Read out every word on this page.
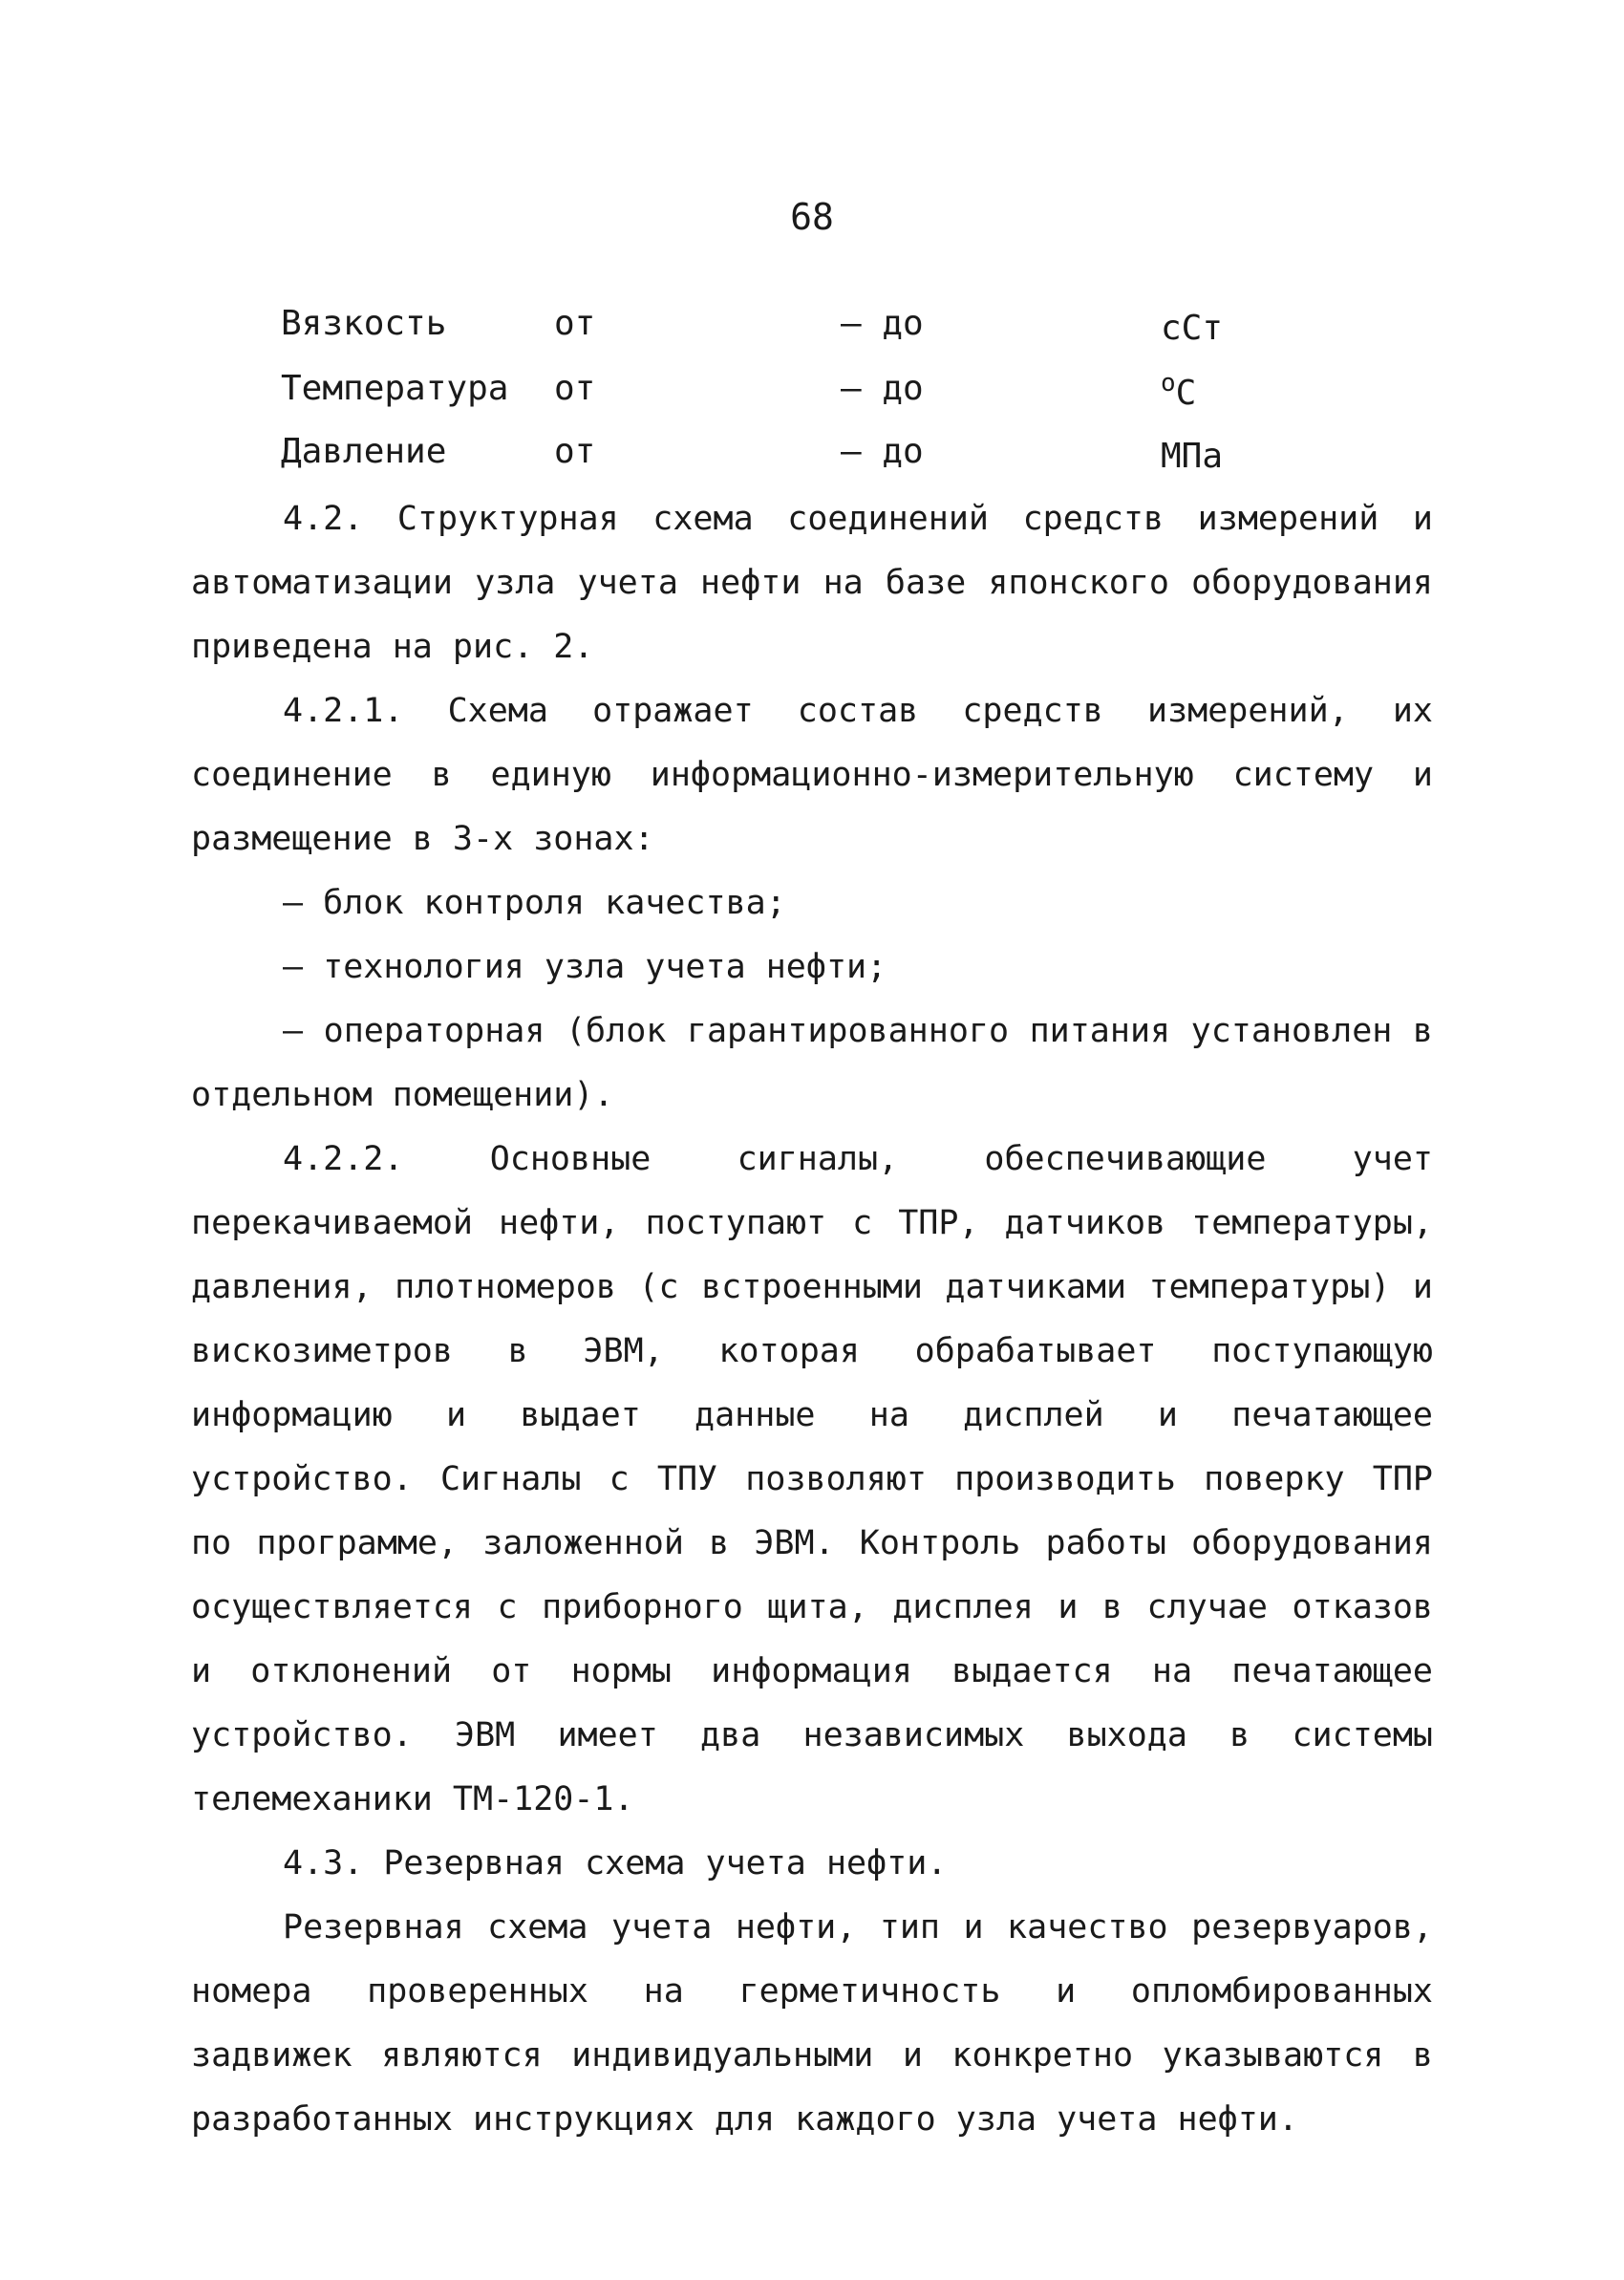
68
Вязкость	от	– до	сСт
Температура от	– до	$^о$С
Давление	от	– до	МПа

4.2. Структурная схема соединений средств измерений и автоматизации узла учета нефти на базе японского оборудования приведена на рис. 2.

4.2.1. Схема отражает состав средств измерений, их соединение в единую информационно-измерительную систему и размещение в 3-х зонах:

– блок контроля качества;

– технология узла учета нефти;

– операторная (блок гарантированного питания установлен в отдельном помещении).

4.2.2. Основные сигналы, обеспечивающие учет перекачиваемой нефти, поступают с ТПР, датчиков температуры, давления, плотномеров (с встроенными датчиками температуры) и вискозиметров в ЭВМ, которая обрабатывает поступающую информацию и выдает данные на дисплей и печатающее устройство. Сигналы с ТПУ позволяют производить поверку ТПР по программе, заложенной в ЭВМ. Контроль работы оборудования осуществляется с приборного щита, дисплея и в случае отказов и отклонений от нормы информация выдается на печатающее устройство. ЭВМ имеет два независимых выхода в системы телемеханики ТМ-120-1.

4.3. Резервная схема учета нефти.

Резервная схема учета нефти, тип и качество резервуаров, номера проверенных на герметичность и опломбированных задвижек являются индивидуальными и конкретно указываются в разработанных инструкциях для каждого узла учета нефти.
